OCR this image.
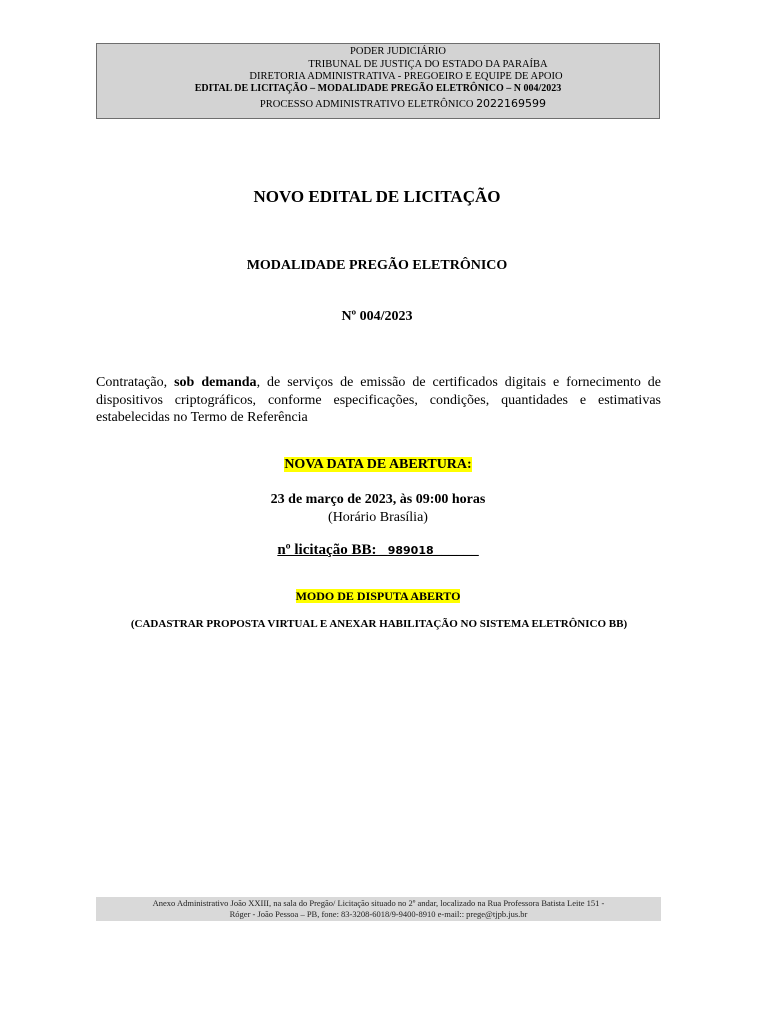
PODER JUDICIÁRIO
TRIBUNAL DE JUSTIÇA DO ESTADO DA PARAÍBA
DIRETORIA ADMINISTRATIVA - PREGOEIRO E EQUIPE DE APOIO
EDITAL DE LICITAÇÃO – MODALIDADE PREGÃO ELETRÔNICO – N 004/2023
PROCESSO ADMINISTRATIVO ELETRÔNICO 2022169599
NOVO EDITAL DE LICITAÇÃO
MODALIDADE PREGÃO ELETRÔNICO
Nº 004/2023
Contratação, sob demanda, de serviços de emissão de certificados digitais e fornecimento de dispositivos criptográficos, conforme especificações, condições, quantidades e estimativas estabelecidas no Termo de Referência
NOVA DATA DE ABERTURA:
23 de março de 2023, às 09:00 horas
(Horário Brasília)
nº licitação BB: _989018______
MODO DE DISPUTA ABERTO
(CADASTRAR PROPOSTA VIRTUAL E ANEXAR HABILITAÇÃO NO SISTEMA ELETRÔNICO BB)
Anexo Administrativo João XXIII, na sala do Pregão/ Licitação situado no 2º andar, localizado na Rua Professora Batista Leite 151 -
Róger - João Pessoa – PB, fone: 83-3208-6018/9-9400-8910 e-mail:: prege@tjpb.jus.br
